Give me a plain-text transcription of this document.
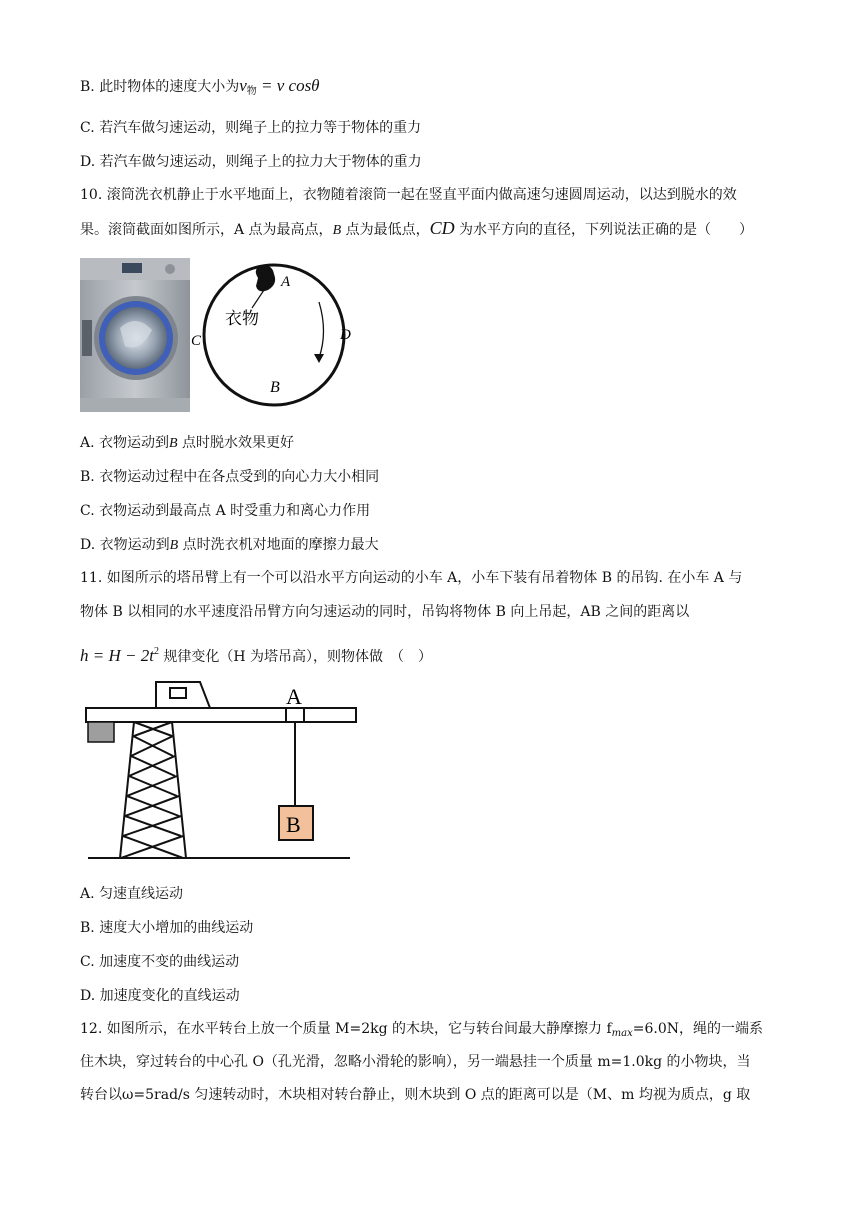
B. 此时物体的速度大小为$v_物 = v$ cosθ
C. 若汽车做匀速运动，则绳子上的拉力等于物体的重力
D. 若汽车做匀速运动，则绳子上的拉力大于物体的重力
10. 滚筒洗衣机静止于水平地面上，衣物随着滚筒一起在竖直平面内做高速匀速圆周运动，以达到脱水的效
果。滚筒截面如图所示，A 点为最高点，B 点为最低点，CD 为水平方向的直径，下列说法正确的是（　　）
A
衣物
D
C
B
A. 衣物运动到B 点时脱水效果更好
B. 衣物运动过程中在各点受到的向心力大小相同
C. 衣物运动到最高点 A 时受重力和离心力作用
D. 衣物运动到B 点时洗衣机对地面的摩擦力最大
11. 如图所示的塔吊臂上有一个可以沿水平方向运动的小车 A，小车下装有吊着物体 B 的吊钩. 在小车 A 与
物体 B 以相同的水平速度沿吊臂方向匀速运动的同时，吊钩将物体 B 向上吊起，AB 之间的距离以
$h = H - 2t^2$ 规律变化（H 为塔吊高），则物体做　（　）
A
B
A. 匀速直线运动
B. 速度大小增加的曲线运动
C. 加速度不变的曲线运动
D. 加速度变化的直线运动
12. 如图所示，在水平转台上放一个质量 M=2kg 的木块，它与转台间最大静摩擦力 $f_{max}=6.0N$，绳的一端系
住木块，穿过转台的中心孔 O（孔光滑，忽略小滑轮的影响），另一端悬挂一个质量 m=1.0kg 的小物块，当
转台以ω=5rad/s 匀速转动时，木块相对转台静止，则木块到 O 点的距离可以是（M、m 均视为质点，g 取
